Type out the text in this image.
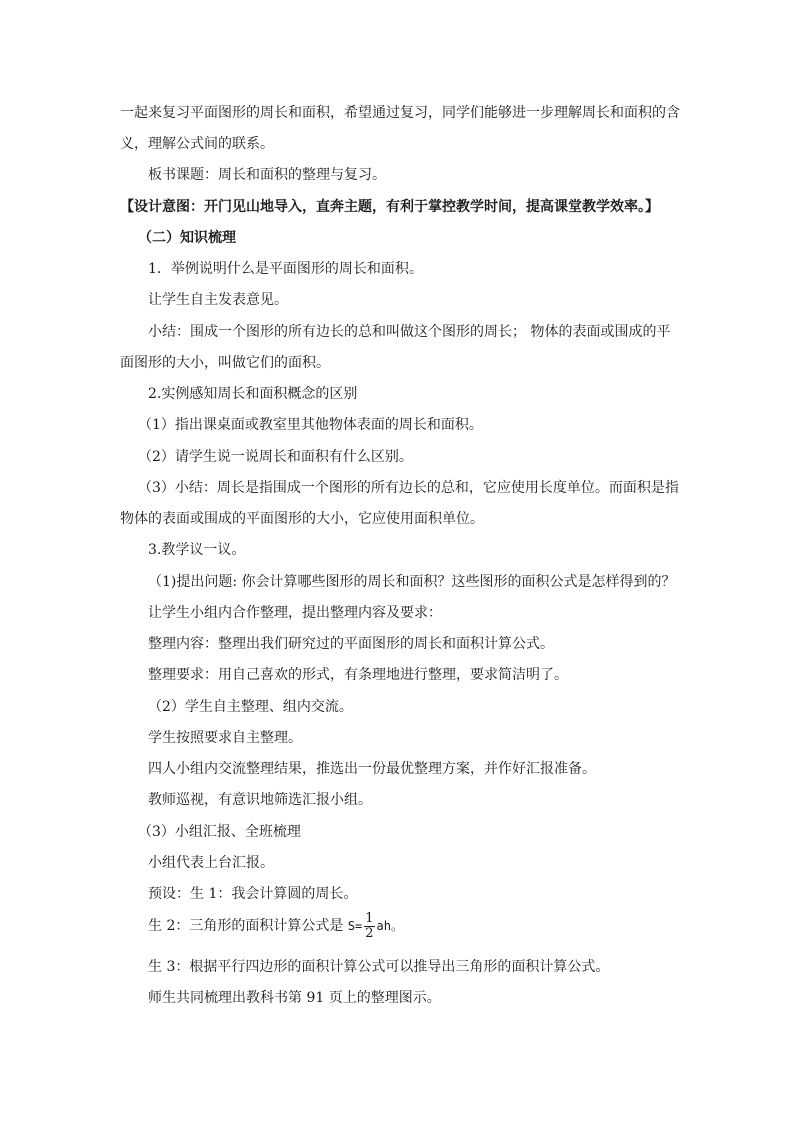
一起来复习平面图形的周长和面积，希望通过复习，同学们能够进一步理解周长和面积的含
义，理解公式间的联系。
板书课题：周长和面积的整理与复习。
【设计意图：开门见山地导入，直奔主题，有利于掌控教学时间，提高课堂教学效率。】
（二）知识梳理
1．举例说明什么是平面图形的周长和面积。
让学生自主发表意见。
小结：围成一个图形的所有边长的总和叫做这个图形的周长； 物体的表面或围成的平
面图形的大小，叫做它们的面积。
2.实例感知周长和面积概念的区别
（1）指出课桌面或教室里其他物体表面的周长和面积。
（2）请学生说一说周长和面积有什么区别。
（3）小结：周长是指围成一个图形的所有边长的总和，它应使用长度单位。而面积是指
物体的表面或围成的平面图形的大小，它应使用面积单位。
3.教学议一议。
（1)提出问题: 你会计算哪些图形的周长和面积？这些图形的面积公式是怎样得到的？
让学生小组内合作整理，提出整理内容及要求：
整理内容：整理出我们研究过的平面图形的周长和面积计算公式。
整理要求：用自己喜欢的形式，有条理地进行整理，要求简洁明了。
（2）学生自主整理、组内交流。
学生按照要求自主整理。
四人小组内交流整理结果，推选出一份最优整理方案，并作好汇报准备。
教师巡视，有意识地筛选汇报小组。
（3）小组汇报、全班梳理
小组代表上台汇报。
预设：生 1：我会计算圆的周长。
生 2：三角形的面积计算公式是 $S= \frac{1}{2}$ ah。
生 3：根据平行四边形的面积计算公式可以推导出三角形的面积计算公式。
师生共同梳理出教科书第 91 页上的整理图示。
